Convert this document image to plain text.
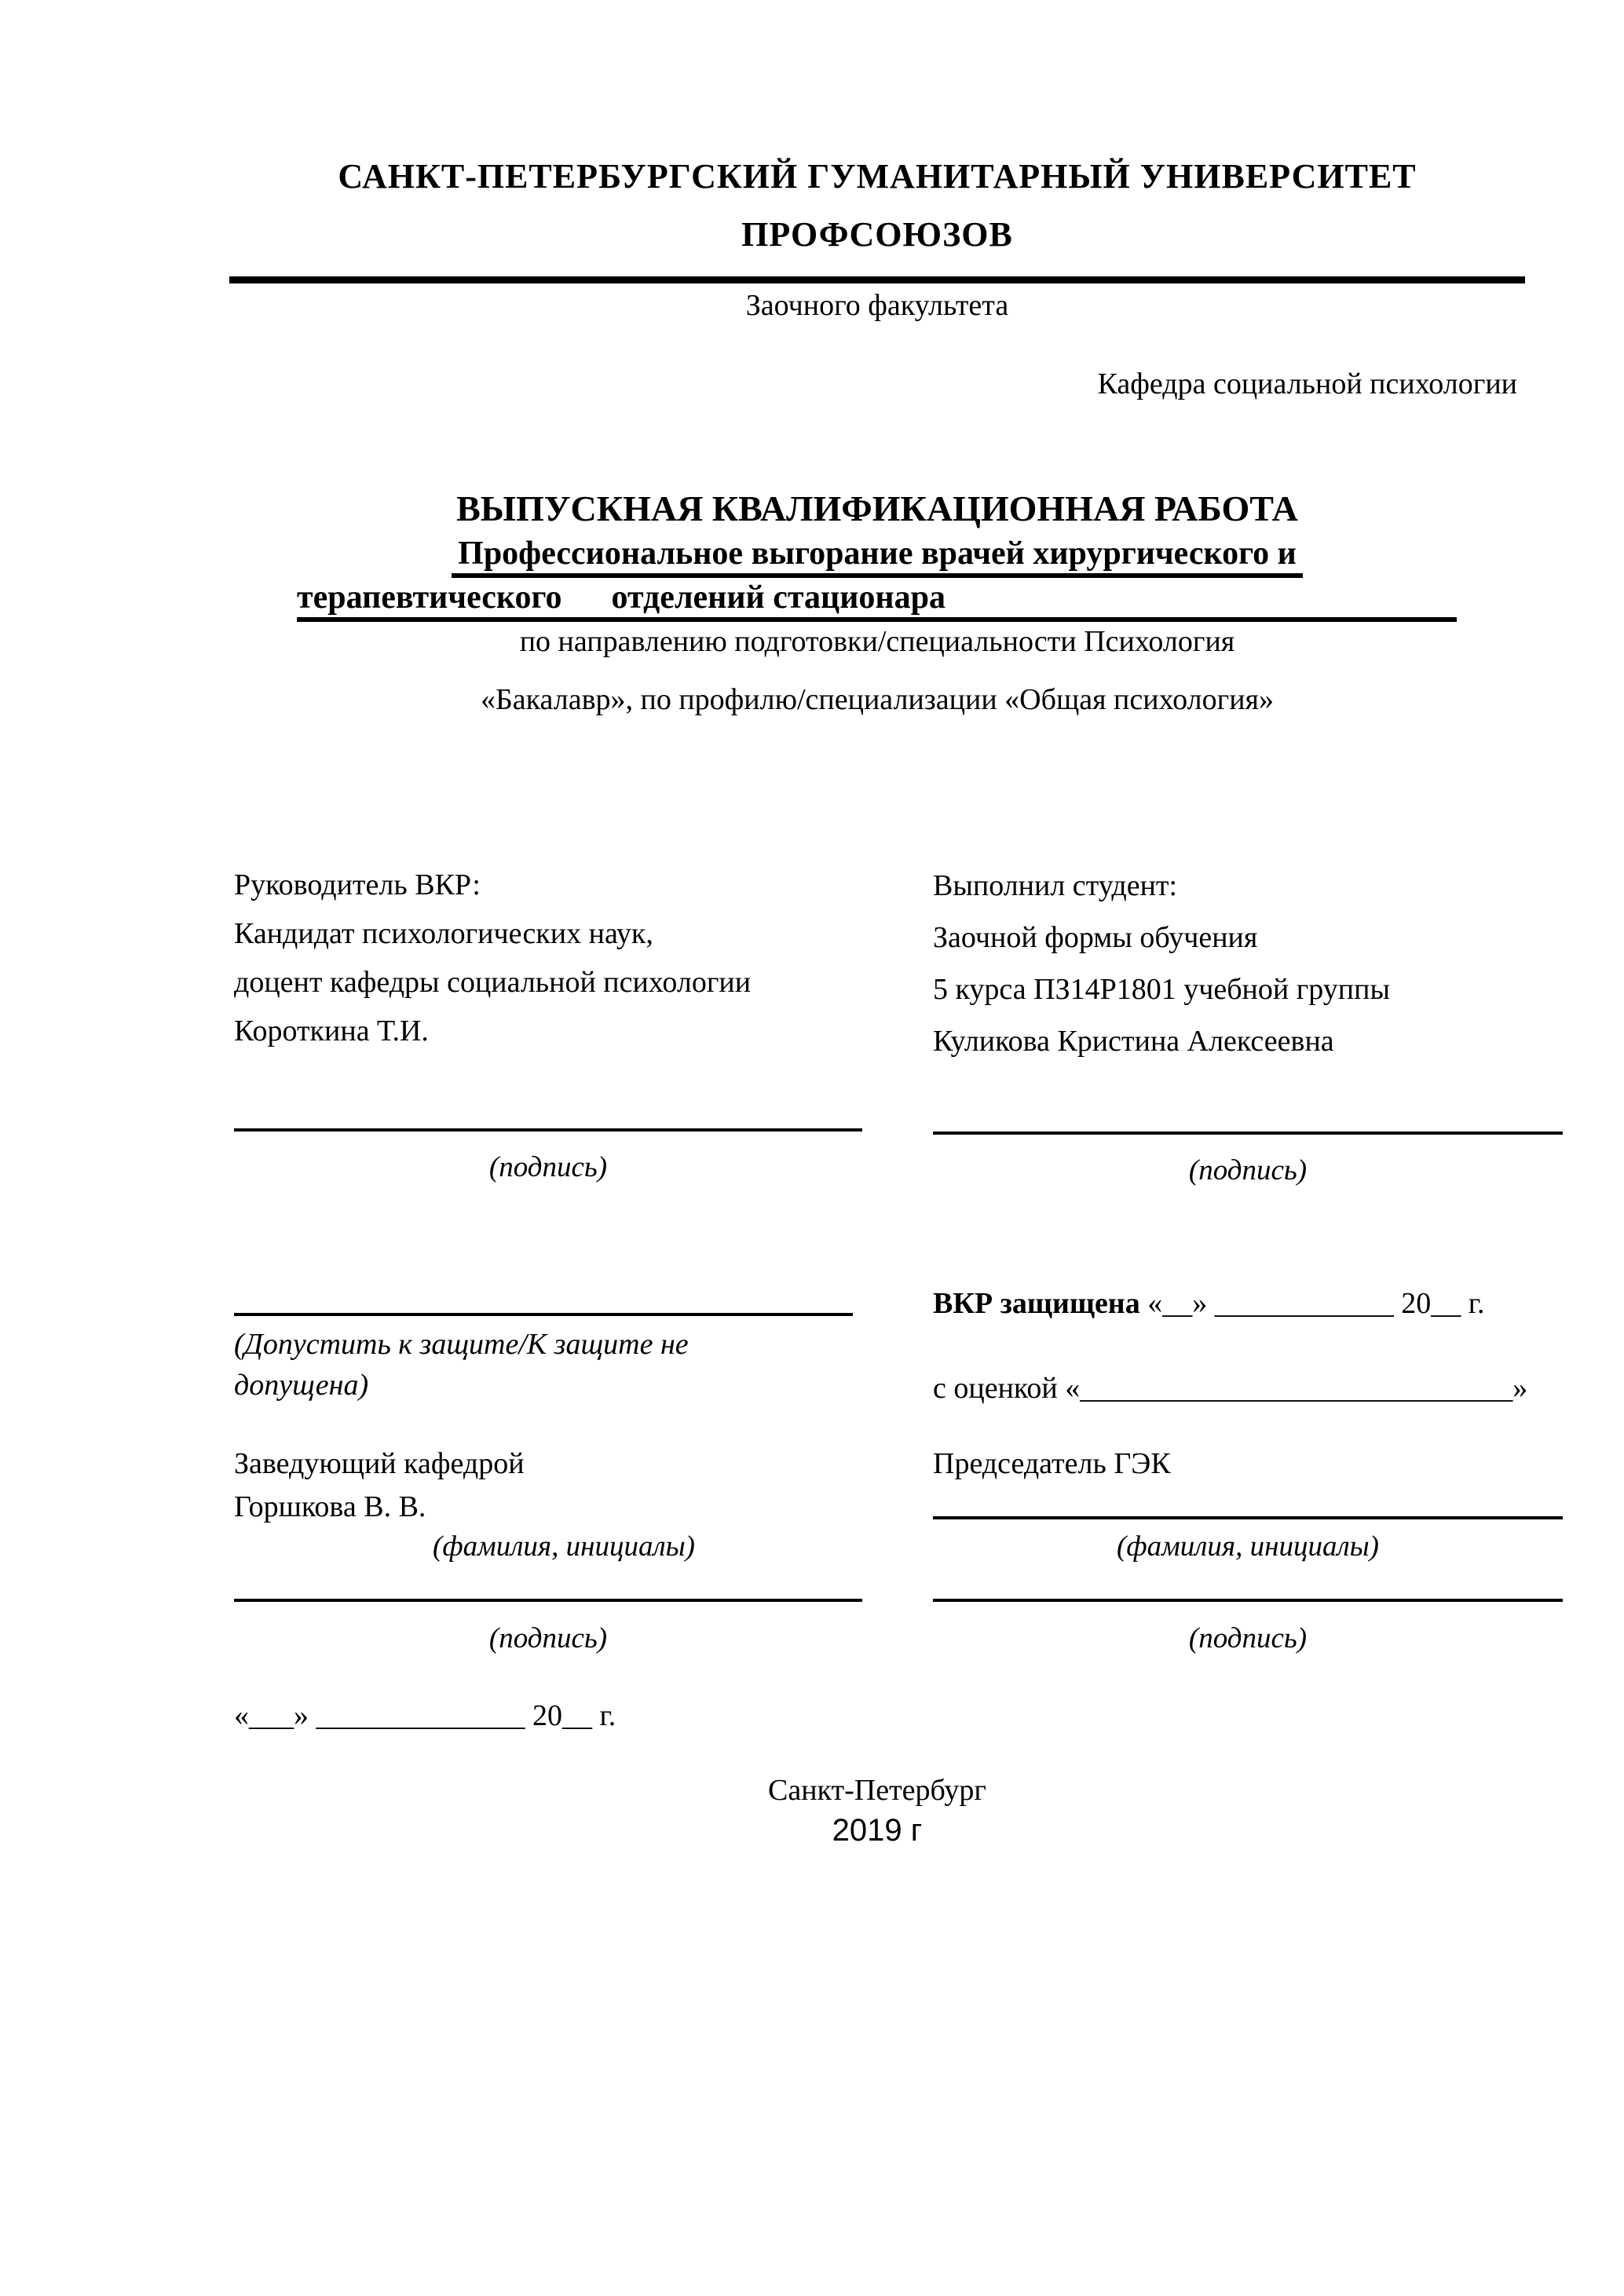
САНКТ-ПЕТЕРБУРГСКИЙ ГУМАНИТАРНЫЙ УНИВЕРСИТЕТ
ПРОФСОЮЗОВ
Заочного факультета
Кафедра социальной психологии
ВЫПУСКНАЯ КВАЛИФИКАЦИОННАЯ РАБОТА
Профессиональное выгорание врачей хирургического и
терапевтического      отделений стационара
по направлению подготовки/специальности Психология
«Бакалавр», по профилю/специализации «Общая психология»
Руководитель ВКР:
Кандидат психологических наук,
доцент кафедры социальной психологии
Короткина Т.И.
Выполнил студент:
Заочной формы обучения
5 курса ПЗ14Р1801 учебной группы
Куликова Кристина Алексеевна
(подпись)	(подпись)
(Допустить к защите/К защите не
допущена)
ВКР защищена «__» ____________ 20__ г.
с оценкой «_____________________________»
Заведующий кафедрой
Горшкова В. В.
Председатель ГЭК
(фамилия, инициалы)	(фамилия, инициалы)
(подпись)	(подпись)
«___» ______________ 20__ г.
Санкт-Петербург
2019 г
